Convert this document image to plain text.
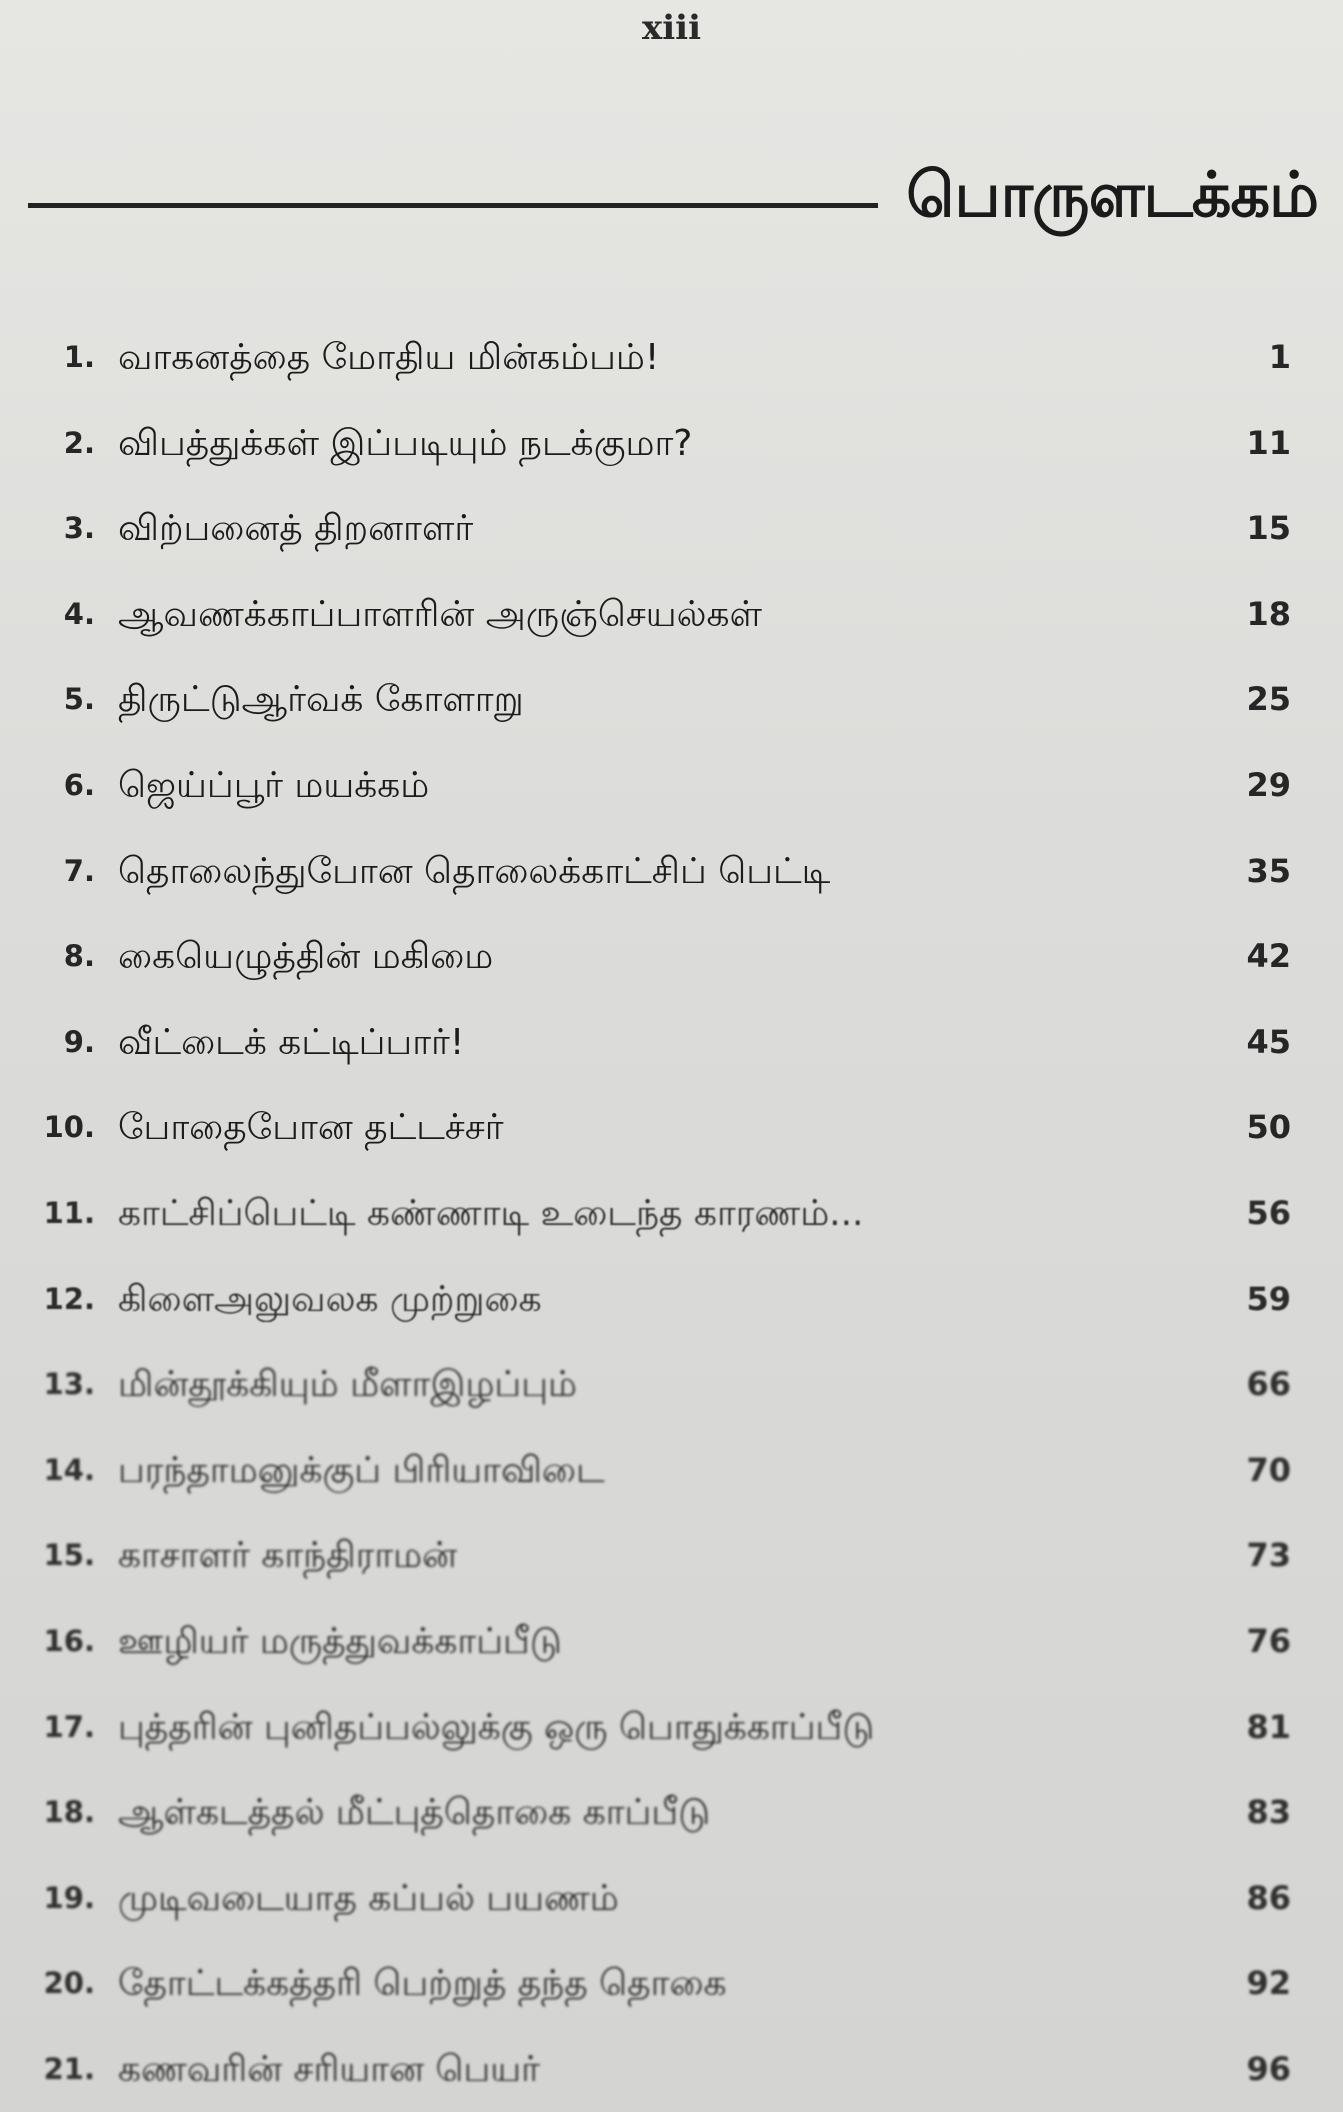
xiii
பொருளடக்கம்
1. வாகனத்தை மோதிய மின்கம்பம்!	1
2. விபத்துக்கள் இப்படியும் நடக்குமா?	11
3. விற்பனைத் திறனாளர்	15
4. ஆவணக்காப்பாளரின் அருஞ்செயல்கள்	18
5. திருட்டுஆர்வக் கோளாறு	25
6. ஜெய்ப்பூர் மயக்கம்	29
7. தொலைந்துபோன தொலைக்காட்சிப் பெட்டி	35
8. கையெழுத்தின் மகிமை	42
9. வீட்டைக் கட்டிப்பார்!	45
10. போதைபோன தட்டச்சர்	50
11. காட்சிப்பெட்டி கண்ணாடி உடைந்த காரணம்...	56
12. கிளைஅலுவலக முற்றுகை	59
13. மின்தூக்கியும் மீளாஇழப்பும்	66
14. பரந்தாமனுக்குப் பிரியாவிடை	70
15. காசாளர் காந்திராமன்	73
16. ஊழியர் மருத்துவக்காப்பீடு	76
17. புத்தரின் புனிதப்பல்லுக்கு ஒரு பொதுக்காப்பீடு	81
18. ஆள்கடத்தல் மீட்புத்தொகை காப்பீடு	83
19. முடிவடையாத கப்பல் பயணம்	86
20. தோட்டக்கத்தரி பெற்றுத் தந்த தொகை	92
21. கணவரின் சரியான பெயர்	96
